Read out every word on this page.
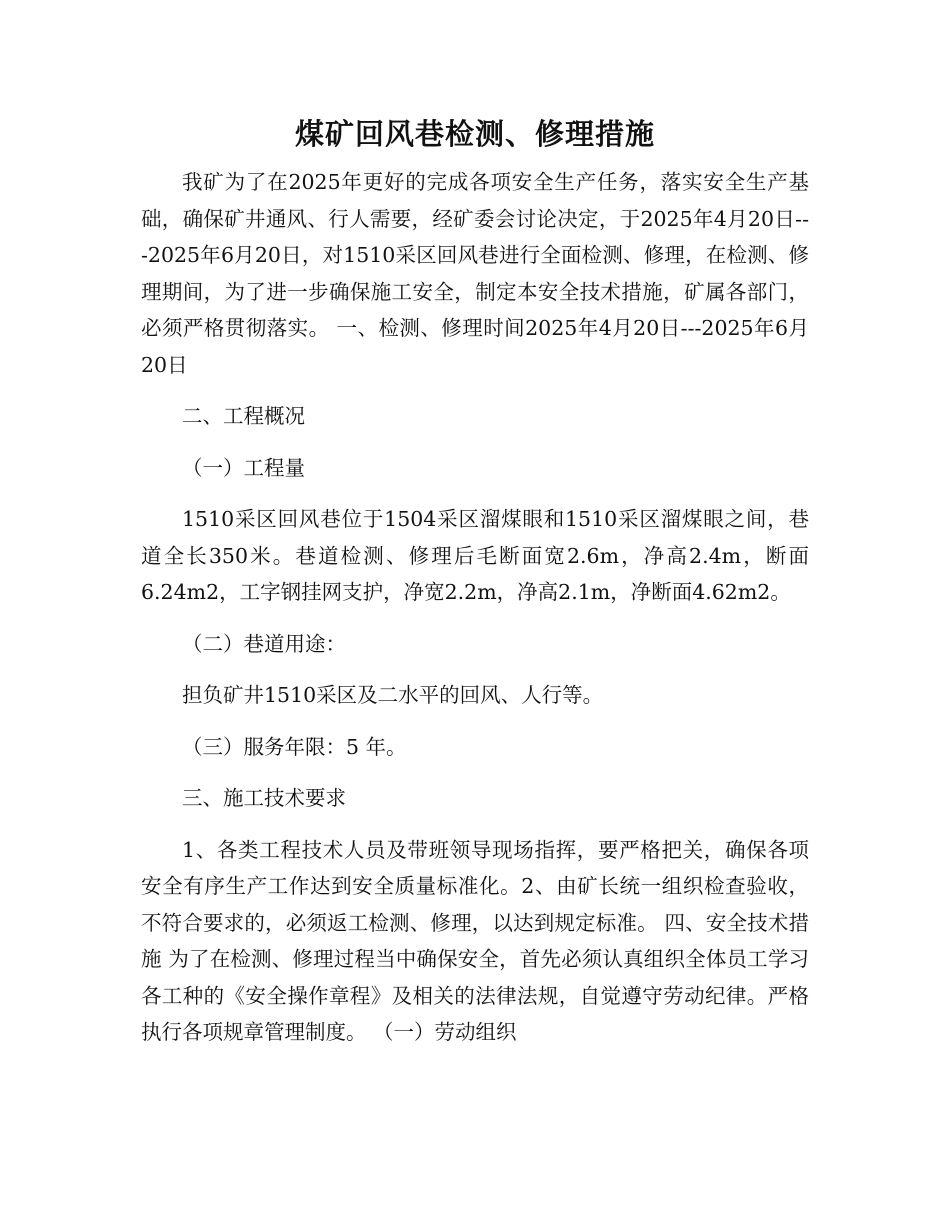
煤矿回风巷检测、修理措施

我矿为了在2025年更好的完成各项安全生产任务，落实安全生产基础，确保矿井通风、行人需要，经矿委会讨论决定，于2025年4月20日---2025年6月20日，对1510采区回风巷进行全面检测、修理，在检测、修理期间，为了进一步确保施工安全，制定本安全技术措施，矿属各部门，必须严格贯彻落实。 一、检测、修理时间2025年4月20日---2025年6月20日

二、工程概况

（一）工程量

1510采区回风巷位于1504采区溜煤眼和1510采区溜煤眼之间，巷道全长350米。巷道检测、修理后毛断面宽2.6m，净高2.4m，断面6.24m2，工字钢挂网支护，净宽2.2m，净高2.1m，净断面4.62m2。

（二）巷道用途：

担负矿井1510采区及二水平的回风、人行等。

（三）服务年限：5 年。

三、施工技术要求

1、各类工程技术人员及带班领导现场指挥，要严格把关，确保各项安全有序生产工作达到安全质量标准化。2、由矿长统一组织检查验收，不符合要求的，必须返工检测、修理，以达到规定标准。 四、安全技术措施 为了在检测、修理过程当中确保安全，首先必须认真组织全体员工学习各工种的《安全操作章程》及相关的法律法规，自觉遵守劳动纪律。严格执行各项规章管理制度。 （一）劳动组织
